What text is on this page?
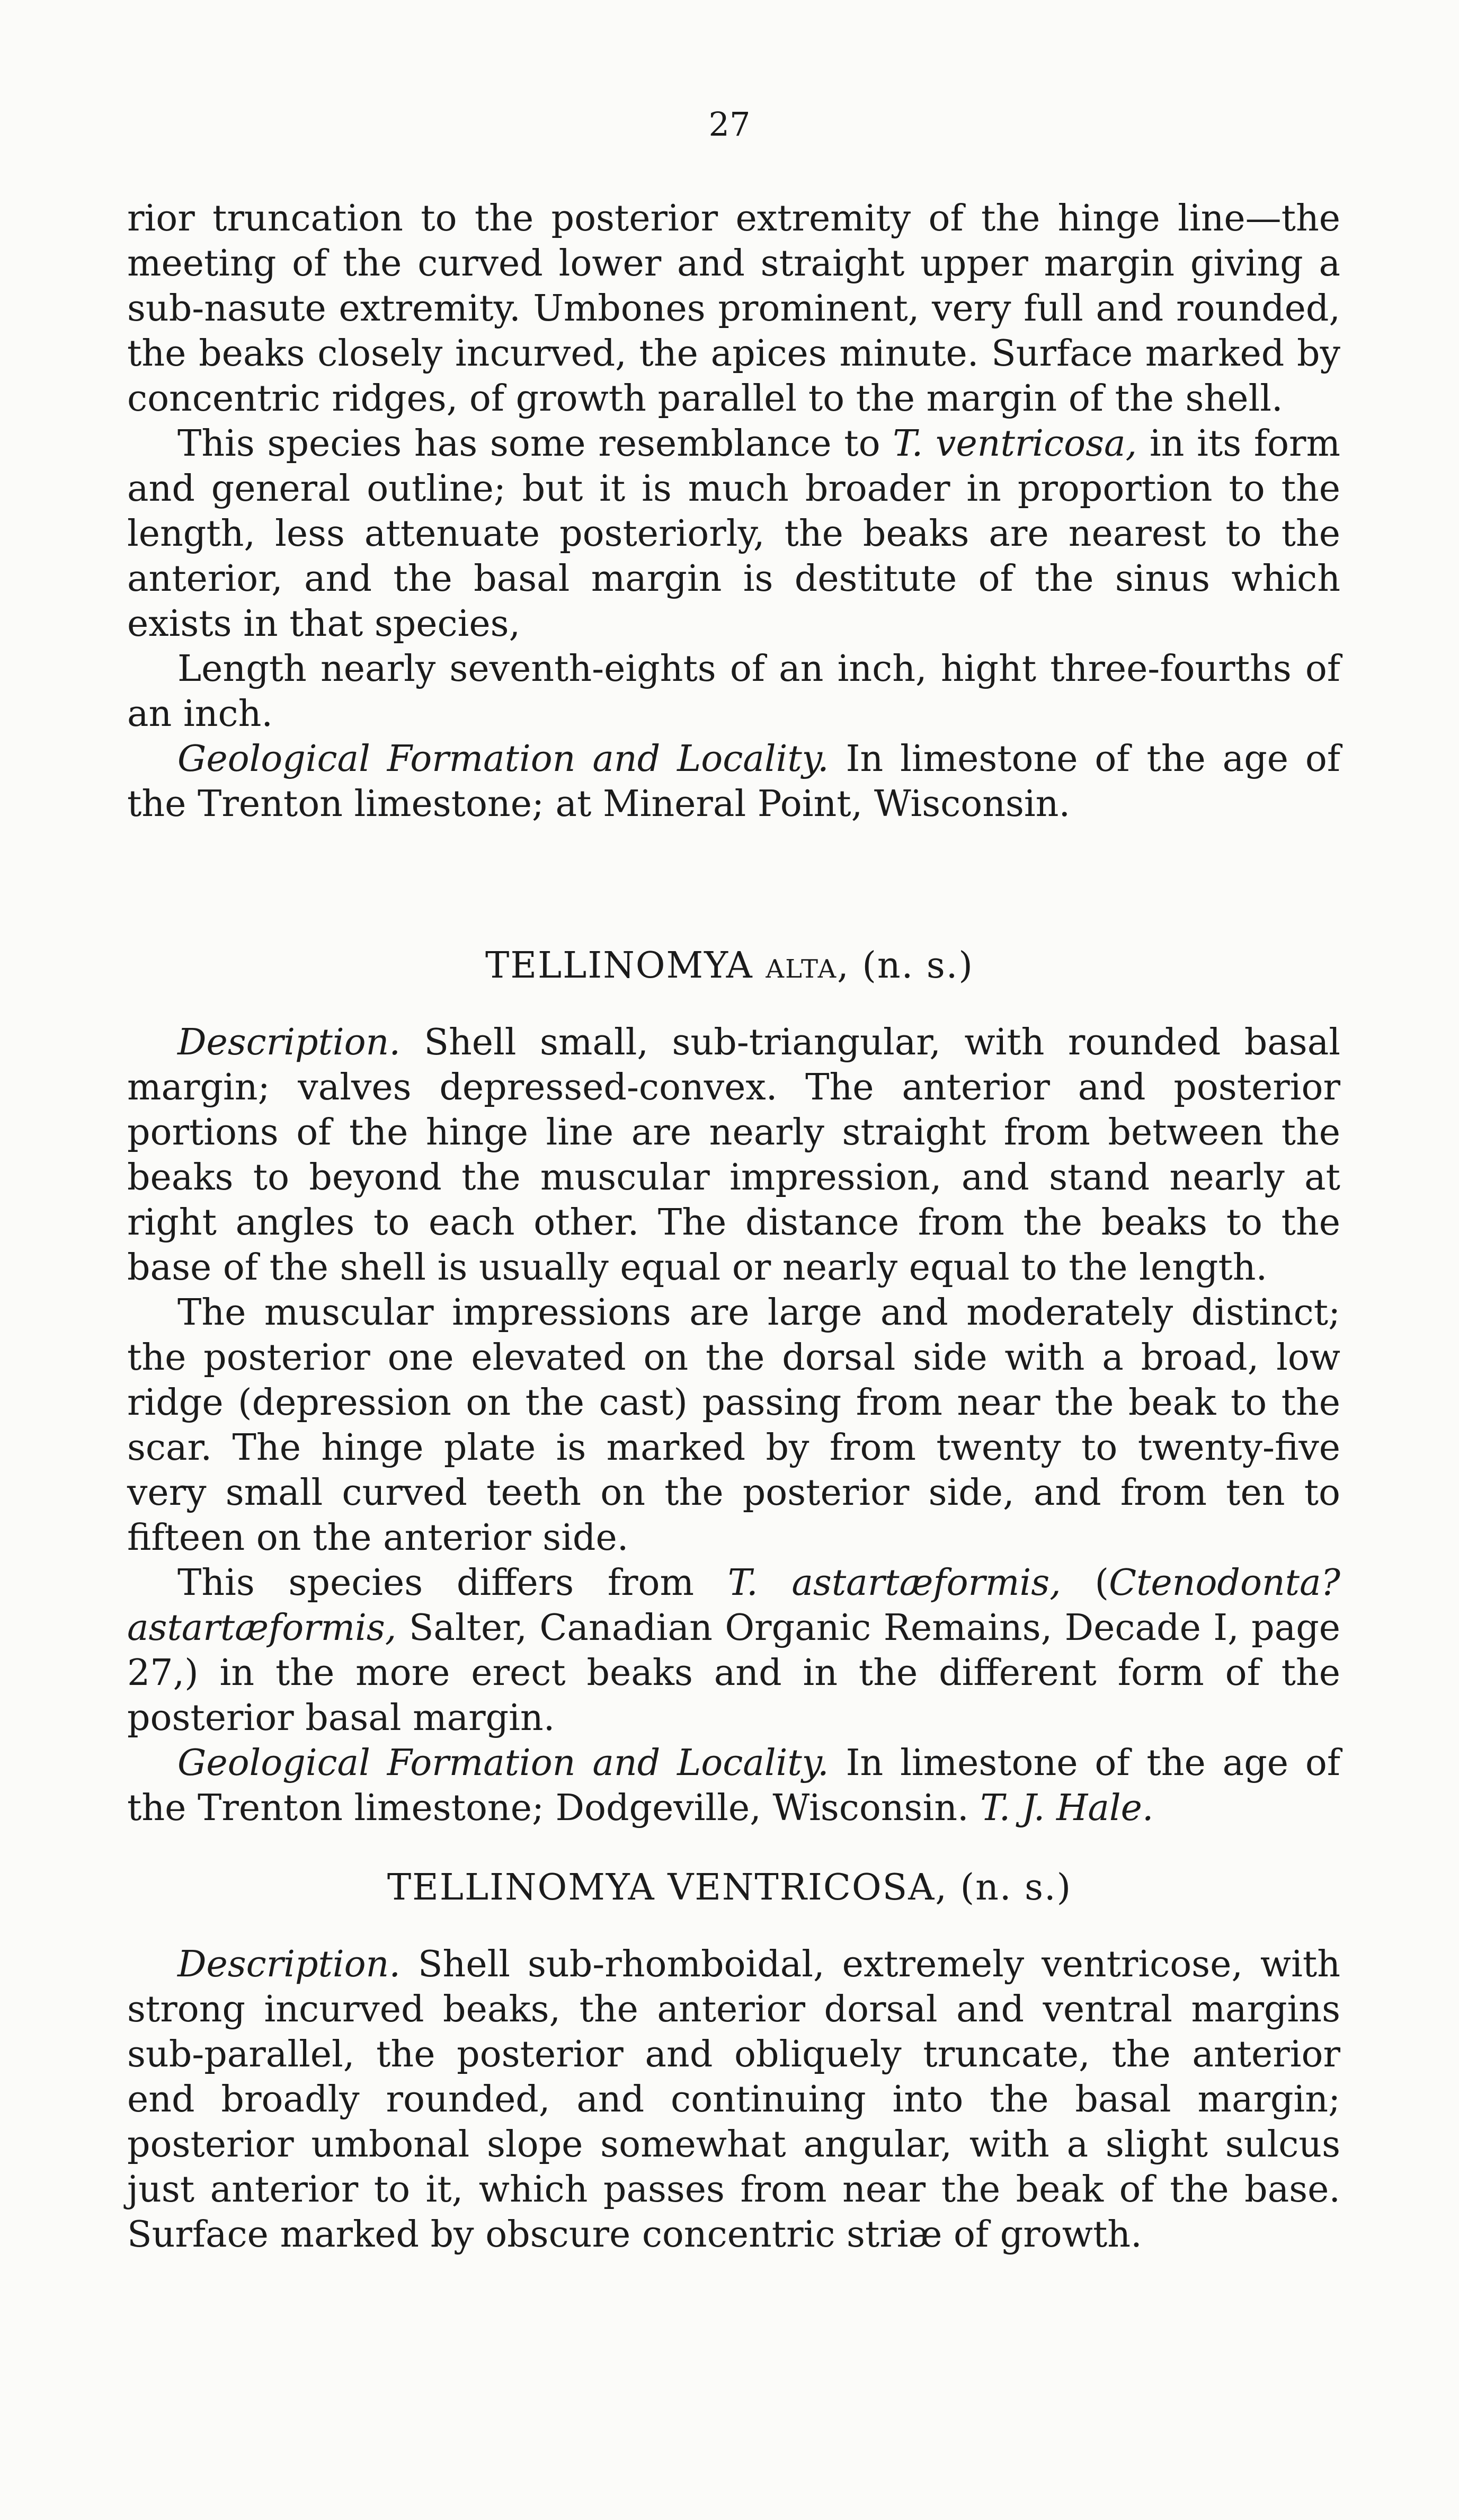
27

rior truncation to the posterior extremity of the hinge line—the meeting of the curved lower and straight upper margin giving a sub-nasute extremity. Umbones prominent, very full and rounded, the beaks closely incurved, the apices minute. Surface marked by concentric ridges, of growth parallel to the margin of the shell.

This species has some resemblance to T. ventricosa, in its form and general outline; but it is much broader in proportion to the length, less attenuate posteriorly, the beaks are nearest to the anterior, and the basal margin is destitute of the sinus which exists in that species,

Length nearly seventh-eights of an inch, hight three-fourths of an inch.

Geological Formation and Locality. In limestone of the age of the Trenton limestone; at Mineral Point, Wisconsin.

TELLINOMYA alta, (n. s.)

Description. Shell small, sub-triangular, with rounded basal margin; valves depressed-convex. The anterior and posterior portions of the hinge line are nearly straight from between the beaks to beyond the muscular impression, and stand nearly at right angles to each other. The distance from the beaks to the base of the shell is usually equal or nearly equal to the length.

The muscular impressions are large and moderately distinct; the posterior one elevated on the dorsal side with a broad, low ridge (depression on the cast) passing from near the beak to the scar. The hinge plate is marked by from twenty to twenty-five very small curved teeth on the posterior side, and from ten to fifteen on the anterior side.

This species differs from T. astartæformis, (Ctenodonta? astartæformis, Salter, Canadian Organic Remains, Decade I, page 27,) in the more erect beaks and in the different form of the posterior basal margin.

Geological Formation and Locality. In limestone of the age of the Trenton limestone; Dodgeville, Wisconsin. T. J. Hale.

TELLINOMYA VENTRICOSA, (n. s.)

Description. Shell sub-rhomboidal, extremely ventricose, with strong incurved beaks, the anterior dorsal and ventral margins sub-parallel, the posterior and obliquely truncate, the anterior end broadly rounded, and continuing into the basal margin; posterior umbonal slope somewhat angular, with a slight sulcus just anterior to it, which passes from near the beak of the base. Surface marked by obscure concentric striæ of growth.
